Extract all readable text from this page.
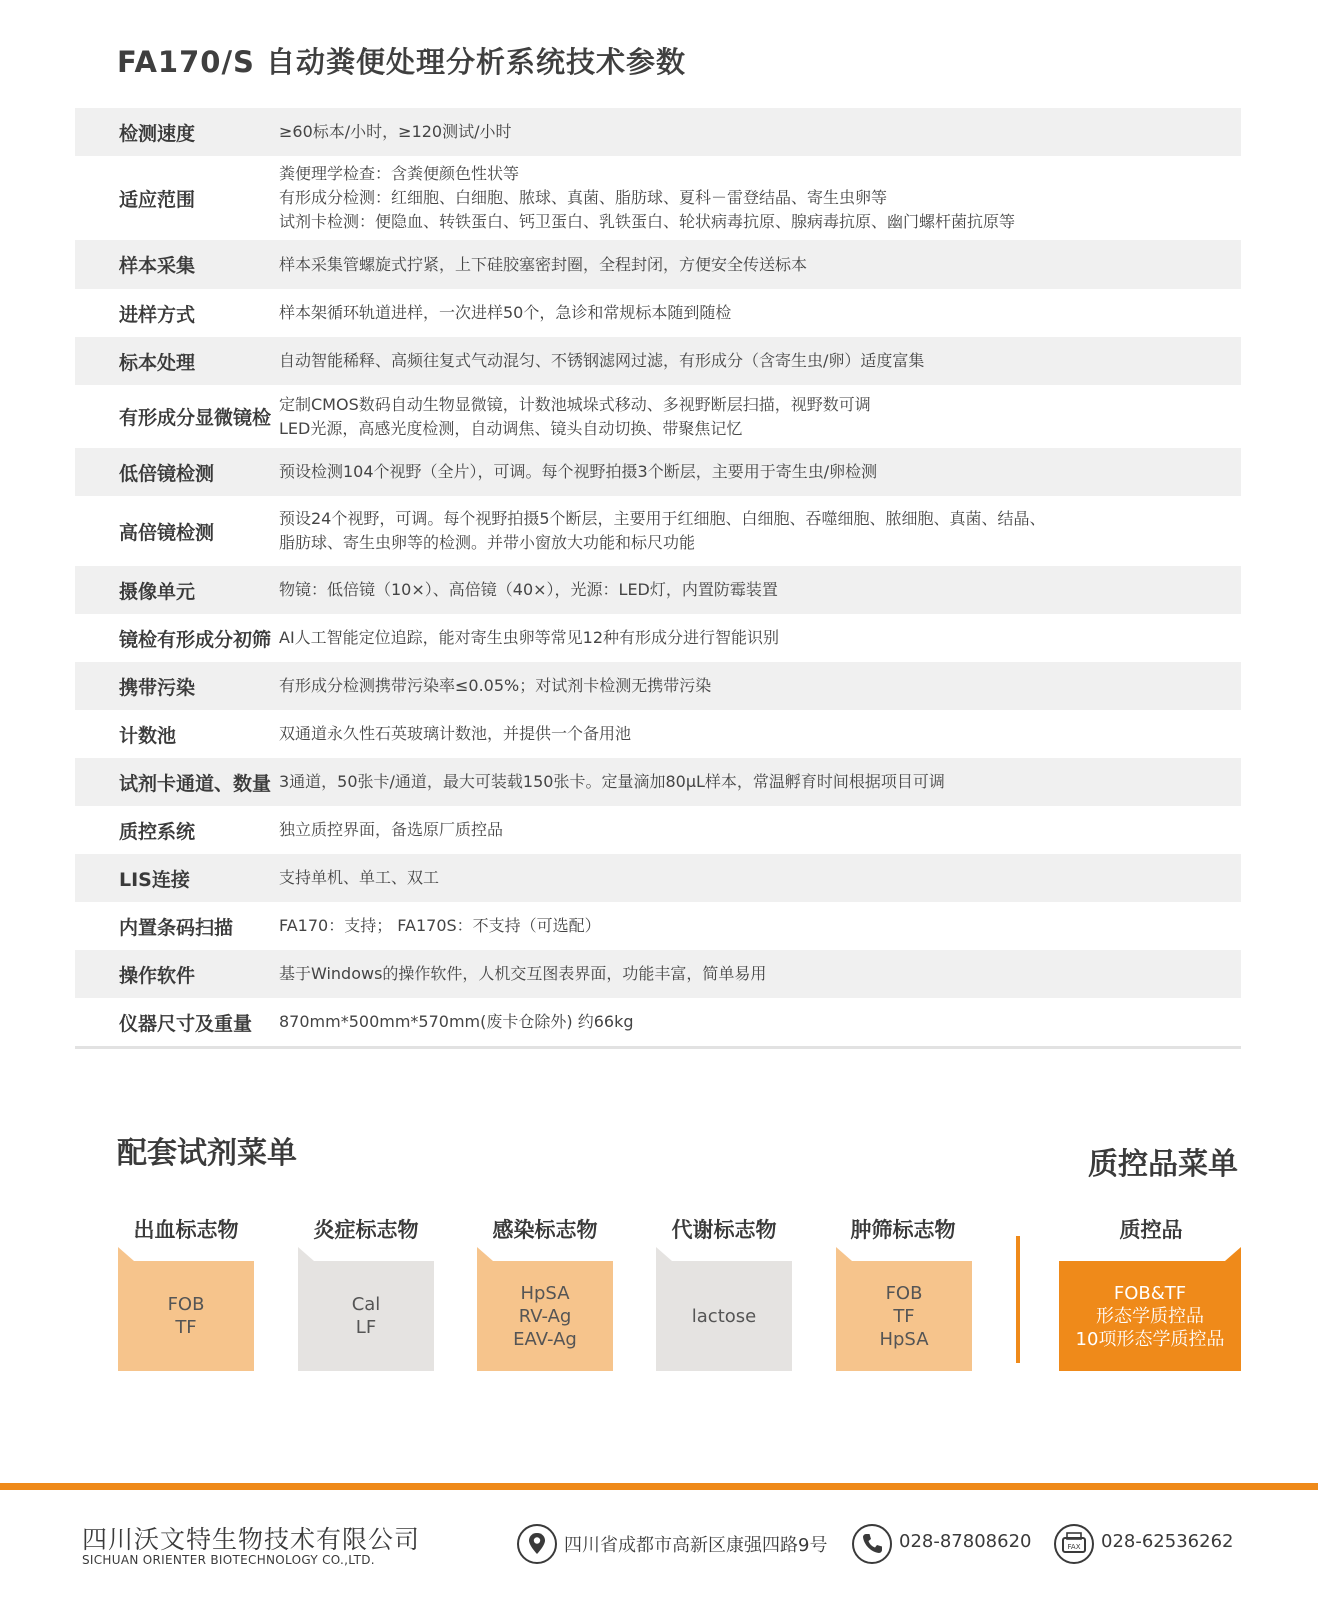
FA170/S 自动粪便处理分析系统技术参数
检测速度	≥60标本/小时，≥120测试/小时
适应范围
粪便理学检查：含粪便颜色性状等
有形成分检测：红细胞、白细胞、脓球、真菌、脂肪球、夏科－雷登结晶、寄生虫卵等
试剂卡检测：便隐血、转铁蛋白、钙卫蛋白、乳铁蛋白、轮状病毒抗原、腺病毒抗原、幽门螺杆菌抗原等
样本采集	样本采集管螺旋式拧紧，上下硅胶塞密封圈，全程封闭，方便安全传送标本
进样方式	样本架循环轨道进样，一次进样50个，急诊和常规标本随到随检
标本处理	自动智能稀释、高频往复式气动混匀、不锈钢滤网过滤，有形成分（含寄生虫/卵）适度富集
有形成分显微镜检
定制CMOS数码自动生物显微镜，计数池城垛式移动、多视野断层扫描，视野数可调
LED光源，高感光度检测，自动调焦、镜头自动切换、带聚焦记忆
低倍镜检测	预设检测104个视野（全片），可调。每个视野拍摄3个断层，主要用于寄生虫/卵检测
高倍镜检测
预设24个视野，可调。每个视野拍摄5个断层，主要用于红细胞、白细胞、吞噬细胞、脓细胞、真菌、结晶、
脂肪球、寄生虫卵等的检测。并带小窗放大功能和标尺功能
摄像单元	物镜：低倍镜（10×）、高倍镜（40×），光源：LED灯，内置防霉装置
镜检有形成分初筛 AI人工智能定位追踪，能对寄生虫卵等常见12种有形成分进行智能识别
携带污染	有形成分检测携带污染率≤0.05%；对试剂卡检测无携带污染
计数池	双通道永久性石英玻璃计数池，并提供一个备用池
试剂卡通道、数量 3通道，50张卡/通道，最大可装载150张卡。定量滴加80μL样本，常温孵育时间根据项目可调
质控系统	独立质控界面，备选原厂质控品
LIS连接	支持单机、单工、双工
内置条码扫描	FA170：支持； FA170S：不支持（可选配）
操作软件	基于Windows的操作软件，人机交互图表界面，功能丰富，简单易用
仪器尺寸及重量	870mm*500mm*570mm(废卡仓除外) 约66kg
配套试剂菜单	质控品菜单
出血标志物
FOB
TF
炎症标志物
Cal
LF
感染标志物
HpSA
RV-Ag
EAV-Ag
代谢标志物
lactose
肿筛标志物
FOB
TF
HpSA
质控品
FOB&TF
形态学质控品
10项形态学质控品
四川沃文特生物技术有限公司
SICHUAN ORIENTER BIOTECHNOLOGY CO.,LTD.
四川省成都市高新区康强四路9号	028-87808620	FAX 028-62536262
